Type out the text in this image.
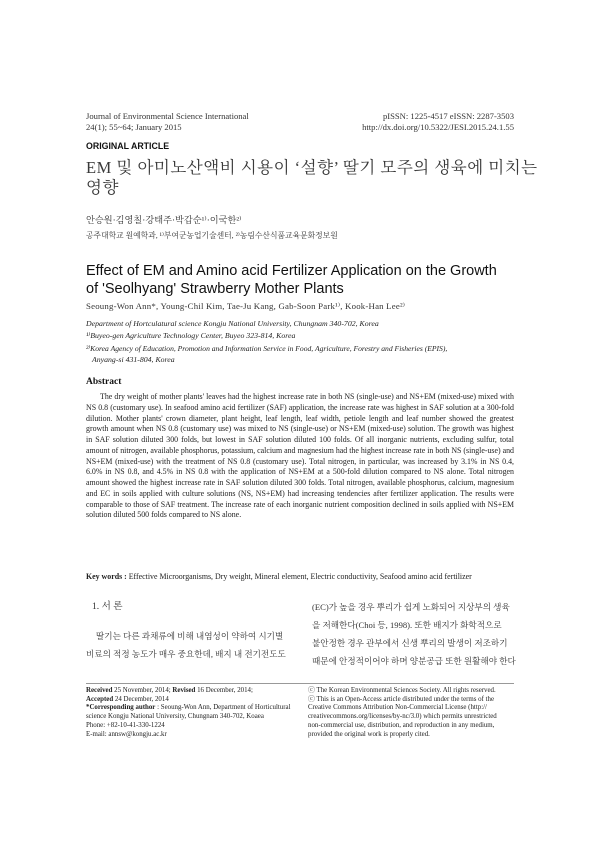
Journal of Environmental Science International
24(1); 55~64; January 2015
pISSN: 1225-4517 eISSN: 2287-3503
http://dx.doi.org/10.5322/JESI.2015.24.1.55
ORIGINAL ARTICLE
EM 및 아미노산액비 시용이 ‘설향’ 딸기 모주의 생육에 미치는
영향
안승원·김영칠·강태주·박갑순¹⁾·이국한²⁾
공주대학교 원예학과, ¹⁾부여군농업기술센터, ²⁾농림수산식품교육문화정보원
Effect of EM and Amino acid Fertilizer Application on the Growth
of 'Seolhyang' Strawberry Mother Plants
Seoung-Won Ann*, Young-Chil Kim, Tae-Ju Kang, Gab-Soon Park¹⁾, Kook-Han Lee²⁾
Department of Hortculatural science Kongju National University, Chungnam 340-702, Korea
¹⁾Buyeo-gen Agriculture Technology Center, Buyeo 323-814, Korea
²⁾Korea Agency of Education, Promotion and Information Service in Food, Agriculture, Forestry and Fisheries (EPIS),
Anyang-si 431-804, Korea
Abstract
The dry weight of mother plants' leaves had the highest increase rate in both NS (single-use) and NS+EM (mixed-use) mixed with NS 0.8 (customary use). In seafood amino acid fertilizer (SAF) application, the increase rate was highest in SAF solution at a 300-fold dilution. Mother plants' crown diameter, plant height, leaf length, leaf width, petiole length and leaf number showed the greatest growth amount when NS 0.8 (customary use) was mixed to NS (single-use) or NS+EM (mixed-use) solution. The growth was highest in SAF solution diluted 300 folds, but lowest in SAF solution diluted 100 folds. Of all inorganic nutrients, excluding sulfur, total amount of nitrogen, available phosphorus, potassium, calcium and magnesium had the highest increase rate in both NS (single-use) and NS+EM (mixed-use) with the treatment of NS 0.8 (customary use). Total nitrogen, in particular, was increased by 3.1% in NS 0.4, 6.0% in NS 0.8, and 4.5% in NS 0.8 with the application of NS+EM at a 500-fold dilution compared to NS alone. Total nitrogen amount showed the highest increase rate in SAF solution diluted 300 folds. Total nitrogen, available phosphorus, calcium, magnesium and EC in soils applied with culture solutions (NS, NS+EM) had increasing tendencies after fertilizer application. The results were comparable to those of SAF treatment. The increase rate of each inorganic nutrient composition declined in soils applied with NS+EM solution diluted 500 folds compared to NS alone.
Key words : Effective Microorganisms, Dry weight, Mineral element, Electric conductivity, Seafood amino acid fertilizer
1. 서 론
딸기는 다른 과채류에 비해 내염성이 약하여 시기별
비료의 적정 농도가 매우 중요한데, 배지 내 전기전도도
(EC)가 높을 경우 뿌리가 쉽게 노화되어 지상부의 생육
을 저해한다(Choi 등, 1998). 또한 배지가 화학적으로
불안정한 경우 관부에서 신생 뿌리의 발생이 저조하기
때문에 안정적이어야 하며 양분공급 또한 원활해야 한다
Received 25 November, 2014; Revised 16 December, 2014;
Accepted 24 December, 2014
*Corresponding author : Seoung-Won Ann, Department of Horticultural
science Kongju National University, Chungnam 340-702, Koaea
Phone: +82-10-41-330-1224
E-mail: annsw@kongju.ac.kr
ⓒ The Korean Environmental Sciences Society. All rights reserved.
ⓒ This is an Open-Access article distributed under the terms of the
Creative Commons Attribution Non-Commercial License (http://
creativecommons.org/licenses/by-nc/3.0) which permits unrestricted
non-commercial use, distribution, and reproduction in any medium,
provided the original work is properly cited.
